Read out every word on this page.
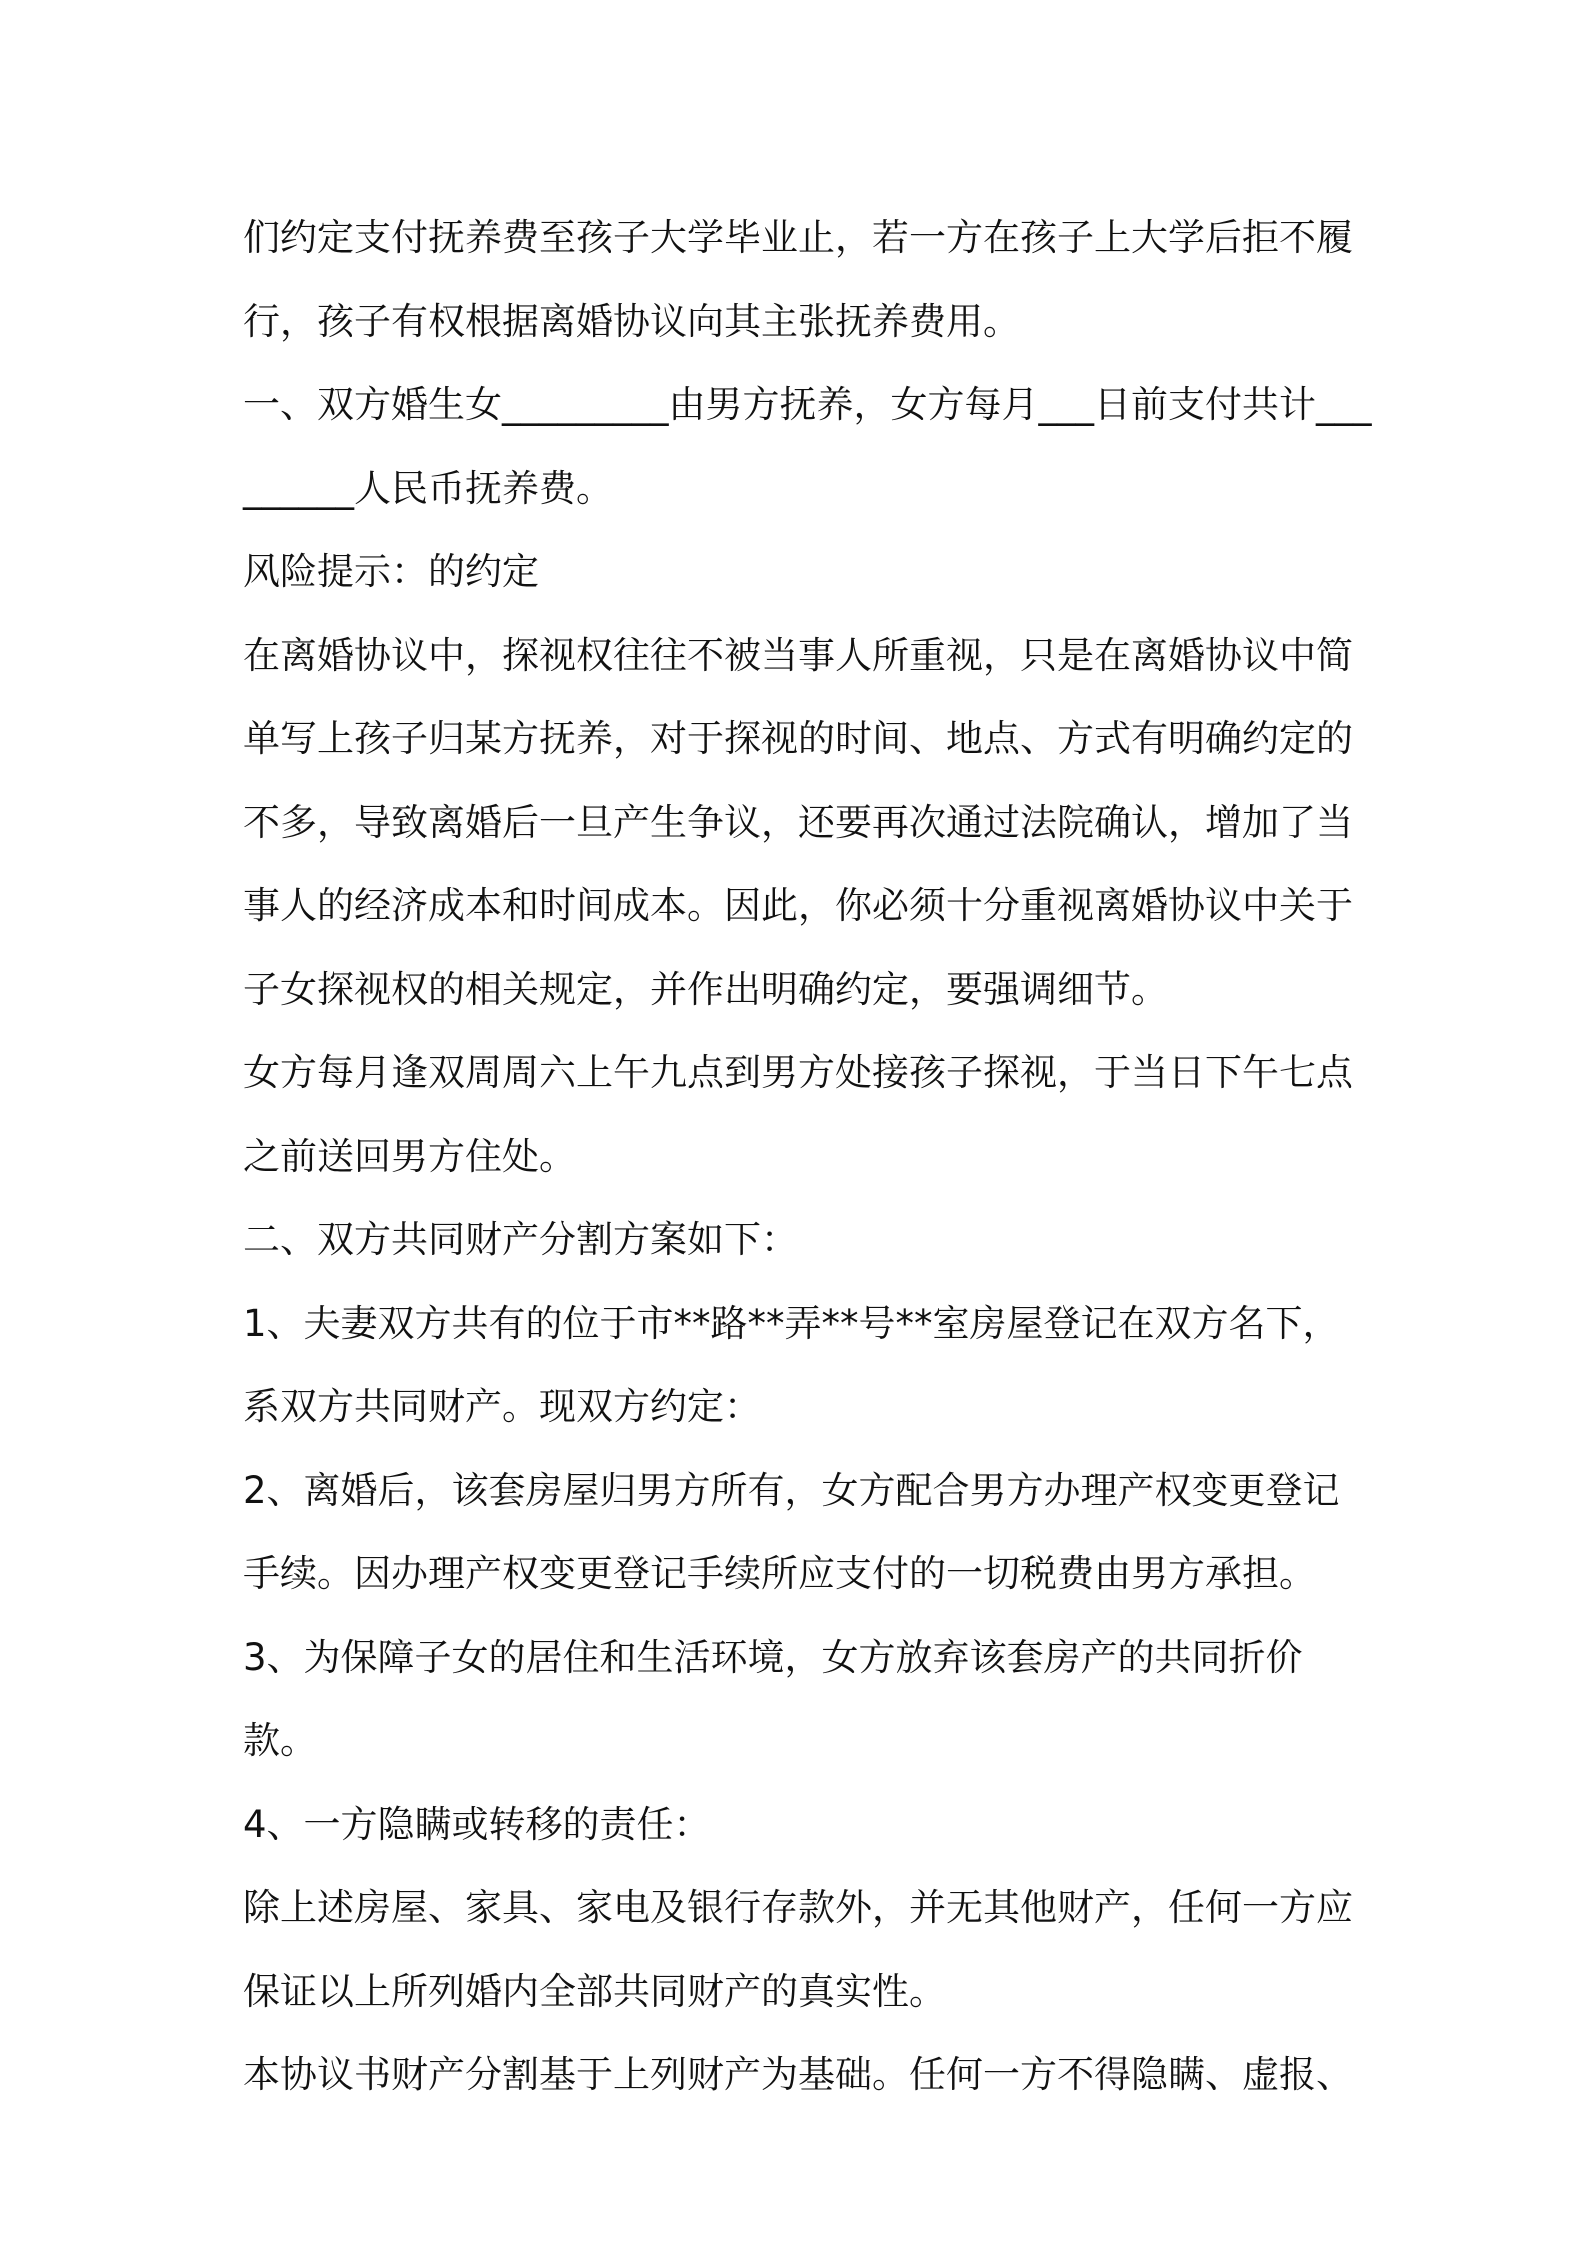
们约定支付抚养费至孩子大学毕业止，若一方在孩子上大学后拒不履行，孩子有权根据离婚协议向其主张抚养费用。

一、双方婚生女_________由男方抚养，女方每月___日前支付共计_________人民币抚养费。

风险提示：的约定

在离婚协议中，探视权往往不被当事人所重视，只是在离婚协议中简单写上孩子归某方抚养，对于探视的时间、地点、方式有明确约定的不多，导致离婚后一旦产生争议，还要再次通过法院确认，增加了当事人的经济成本和时间成本。因此，你必须十分重视离婚协议中关于子女探视权的相关规定，并作出明确约定，要强调细节。

女方每月逢双周周六上午九点到男方处接孩子探视，于当日下午七点之前送回男方住处。

二、双方共同财产分割方案如下：

1、夫妻双方共有的位于市**路**弄**号**室房屋登记在双方名下，系双方共同财产。现双方约定：

2、离婚后，该套房屋归男方所有，女方配合男方办理产权变更登记手续。因办理产权变更登记手续所应支付的一切税费由男方承担。

3、为保障子女的居住和生活环境，女方放弃该套房产的共同折价款。

4、一方隐瞒或转移的责任：

除上述房屋、家具、家电及银行存款外，并无其他财产，任何一方应保证以上所列婚内全部共同财产的真实性。

本协议书财产分割基于上列财产为基础。任何一方不得隐瞒、虚报、
